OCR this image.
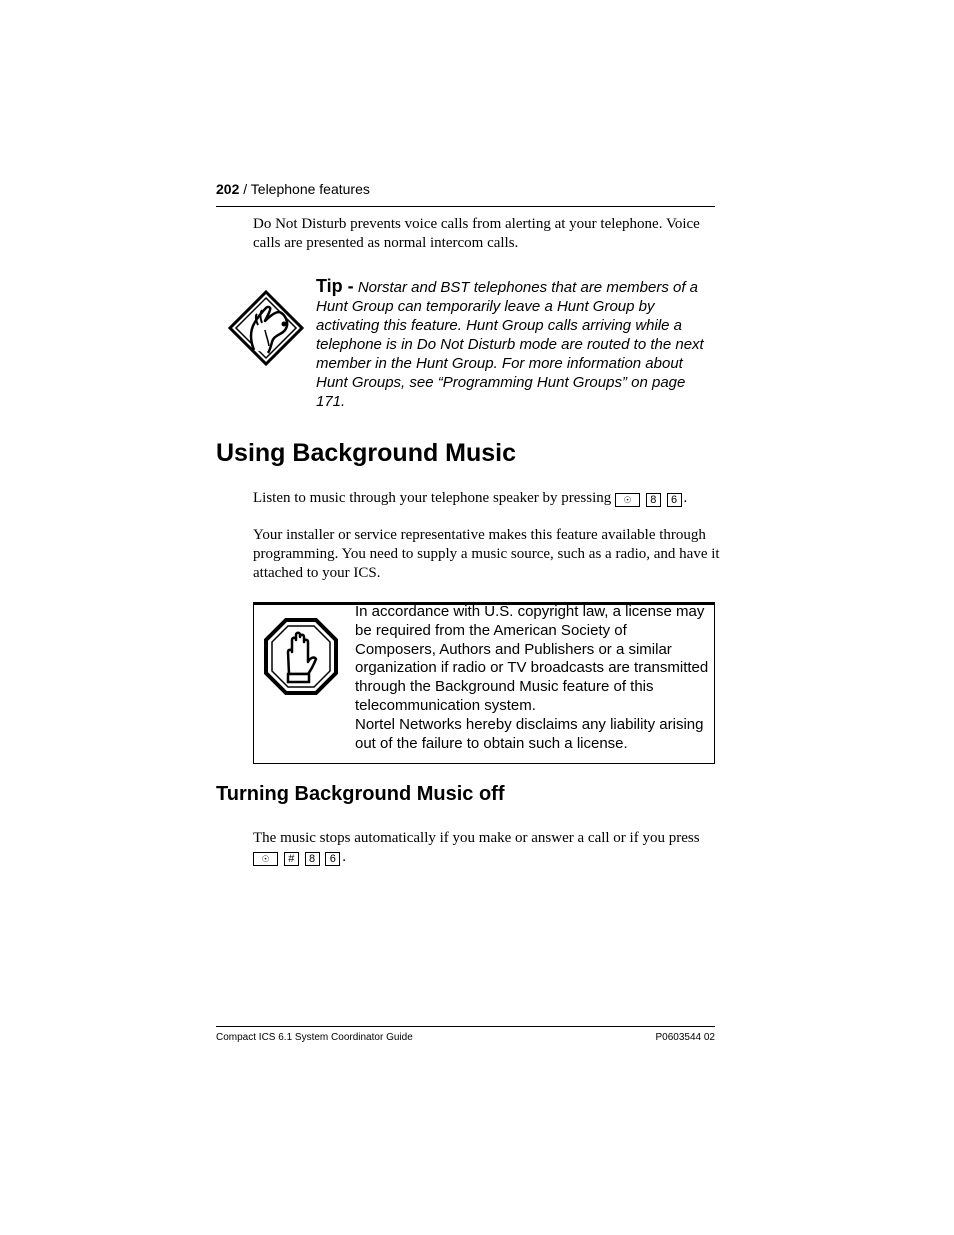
202 / Telephone features
Do Not Disturb prevents voice calls from alerting at your telephone. Voice calls are presented as normal intercom calls.
Tip - Norstar and BST telephones that are members of a Hunt Group can temporarily leave a Hunt Group by activating this feature. Hunt Group calls arriving while a telephone is in Do Not Disturb mode are routed to the next member in the Hunt Group. For more information about Hunt Groups, see “Programming Hunt Groups” on page 171.
Using Background Music
Listen to music through your telephone speaker by pressing ☉ 8 6 .
Your installer or service representative makes this feature available through programming. You need to supply a music source, such as a radio, and have it attached to your ICS.
In accordance with U.S. copyright law, a license may be required from the American Society of Composers, Authors and Publishers or a similar organization if radio or TV broadcasts are transmitted through the Background Music feature of this telecommunication system.
Nortel Networks hereby disclaims any liability arising out of the failure to obtain such a license.
Turning Background Music off
The music stops automatically if you make or answer a call or if you press
☉ # 8 6 .
Compact ICS 6.1 System Coordinator Guide	P0603544 02
